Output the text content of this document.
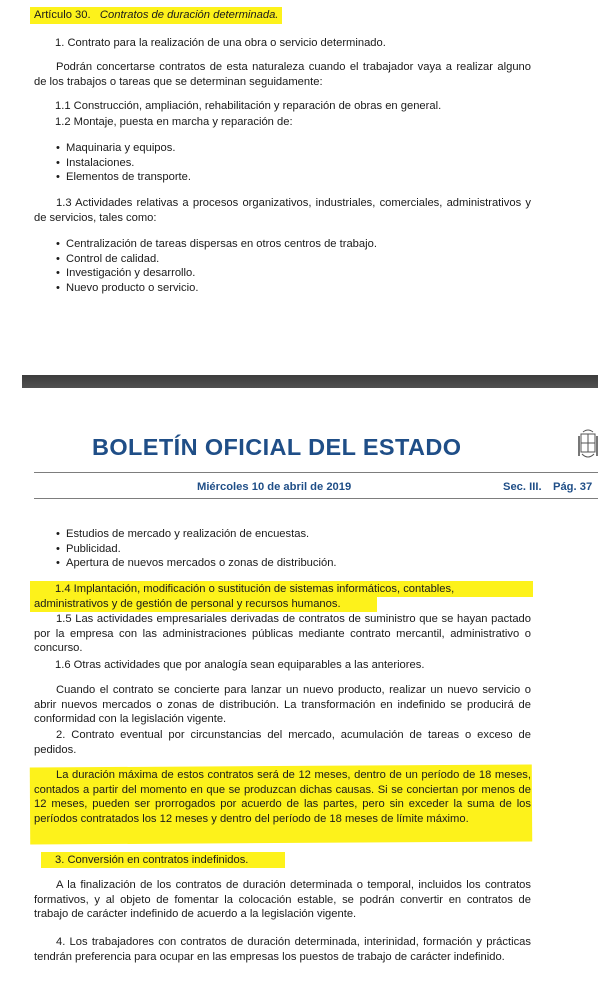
Artículo 30. Contratos de duración determinada.
1. Contrato para la realización de una obra o servicio determinado.

Podrán concertarse contratos de esta naturaleza cuando el trabajador vaya a realizar alguno de los trabajos o tareas que se determinan seguidamente:

1.1 Construcción, ampliación, rehabilitación y reparación de obras en general.
1.2 Montaje, puesta en marcha y reparación de:
• Maquinaria y equipos.
• Instalaciones.
• Elementos de transporte.

1.3 Actividades relativas a procesos organizativos, industriales, comerciales, administrativos y de servicios, tales como:

• Centralización de tareas dispersas en otros centros de trabajo.
• Control de calidad.
• Investigación y desarrollo.
• Nuevo producto o servicio.
BOLETÍN OFICIAL DEL ESTADO
Miércoles 10 de abril de 2019	Sec. III. Pág. 37
• Estudios de mercado y realización de encuestas.
• Publicidad.
• Apertura de nuevos mercados o zonas de distribución.
1.4 Implantación, modificación o sustitución de sistemas informáticos, contables,
administrativos y de gestión de personal y recursos humanos.

1.5 Las actividades empresariales derivadas de contratos de suministro que se hayan pactado por la empresa con las administraciones públicas mediante contrato mercantil, administrativo o concurso.

1.6 Otras actividades que por analogía sean equiparables a las anteriores.

Cuando el contrato se concierte para lanzar un nuevo producto, realizar un nuevo servicio o abrir nuevos mercados o zonas de distribución. La transformación en indefinido se producirá de conformidad con la legislación vigente.

2. Contrato eventual por circunstancias del mercado, acumulación de tareas o exceso de pedidos.

La duración máxima de estos contratos será de 12 meses, dentro de un período de 18 meses, contados a partir del momento en que se produzcan dichas causas. Si se conciertan por menos de 12 meses, pueden ser prorrogados por acuerdo de las partes, pero sin exceder la suma de los períodos contratados los 12 meses y dentro del período de 18 meses de límite máximo.

3. Conversión en contratos indefinidos.

A la finalización de los contratos de duración determinada o temporal, incluidos los contratos formativos, y al objeto de fomentar la colocación estable, se podrán convertir en contratos de trabajo de carácter indefinido de acuerdo a la legislación vigente.

4. Los trabajadores con contratos de duración determinada, interinidad, formación y prácticas tendrán preferencia para ocupar en las empresas los puestos de trabajo de carácter indefinido.
